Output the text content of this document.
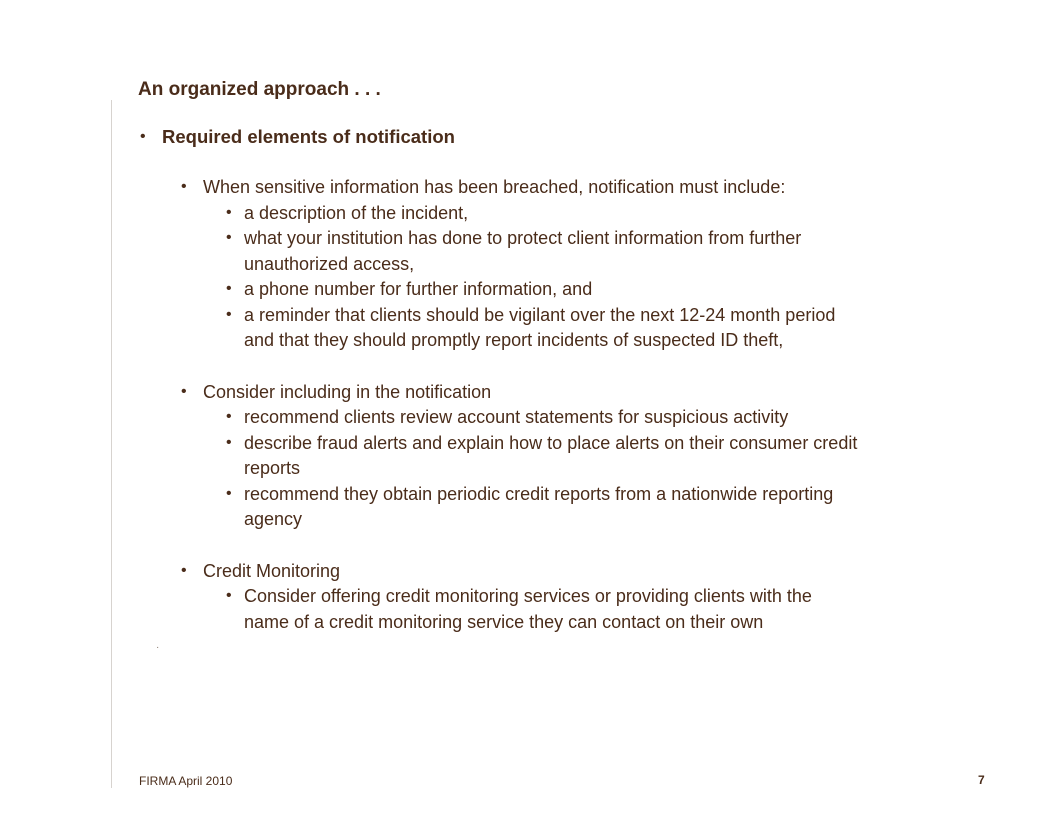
An organized approach . . .
• Required elements of notification
• When sensitive information has been breached, notification must include:
• a description of the incident,
• what your institution has done to protect client information from further
unauthorized access,
• a phone number for further information, and
• a reminder that clients should be vigilant over the next 12-24 month period
and that they should promptly report incidents of suspected ID theft,
• Consider including in the notification
• recommend clients review account statements for suspicious activity
• describe fraud alerts and explain how to place alerts on their consumer credit
reports
• recommend they obtain periodic credit reports from a nationwide reporting
agency
• Credit Monitoring
• Consider offering credit monitoring services or providing clients with the
name of a credit monitoring service they can contact on their own
·
FIRMA April 2010	7
